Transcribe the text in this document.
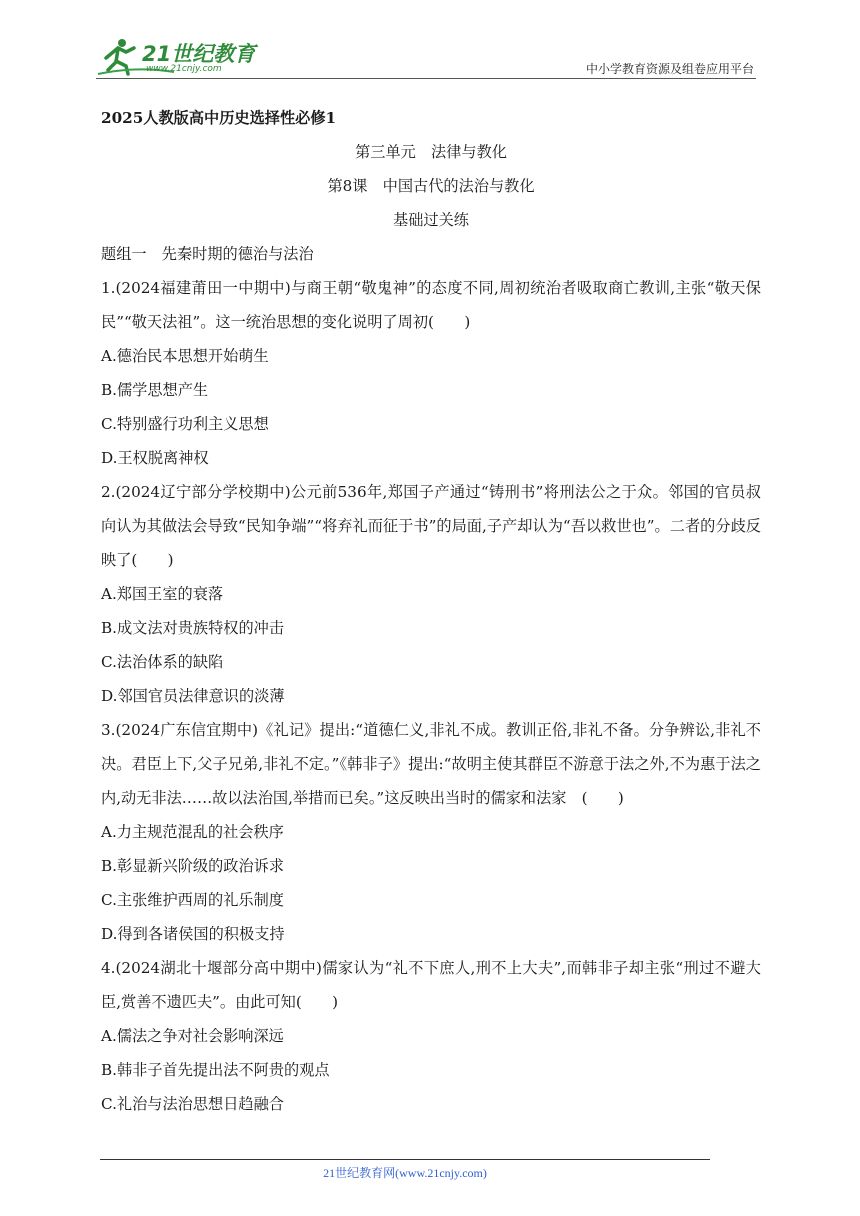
21世纪教育
www.21cnjy.com	中小学教育资源及组卷应用平台
2025人教版高中历史选择性必修1
第三单元　法律与教化
第8课　中国古代的法治与教化
基础过关练
题组一　先秦时期的德治与法治
1.(2024福建莆田一中期中)与商王朝“敬鬼神”的态度不同,周初统治者吸取商亡教训,主张“敬天保民”“敬天法祖”。这一统治思想的变化说明了周初(　　)
A.德治民本思想开始萌生
B.儒学思想产生
C.特别盛行功利主义思想
D.王权脱离神权
2.(2024辽宁部分学校期中)公元前536年,郑国子产通过“铸刑书”将刑法公之于众。邻国的官员叔向认为其做法会导致“民知争端”“将弃礼而征于书”的局面,子产却认为“吾以救世也”。二者的分歧反映了(　　)
A.郑国王室的衰落
B.成文法对贵族特权的冲击
C.法治体系的缺陷
D.邻国官员法律意识的淡薄
3.(2024广东信宜期中)《礼记》提出:“道德仁义,非礼不成。教训正俗,非礼不备。分争辨讼,非礼不决。君臣上下,父子兄弟,非礼不定。”《韩非子》提出:“故明主使其群臣不游意于法之外,不为惠于法之内,动无非法……故以法治国,举措而已矣。”这反映出当时的儒家和法家　(　　)
A.力主规范混乱的社会秩序
B.彰显新兴阶级的政治诉求
C.主张维护西周的礼乐制度
D.得到各诸侯国的积极支持
4.(2024湖北十堰部分高中期中)儒家认为“礼不下庶人,刑不上大夫”,而韩非子却主张“刑过不避大臣,赏善不遗匹夫”。由此可知(　　)
A.儒法之争对社会影响深远
B.韩非子首先提出法不阿贵的观点
C.礼治与法治思想日趋融合
21世纪教育网(www.21cnjy.com)
